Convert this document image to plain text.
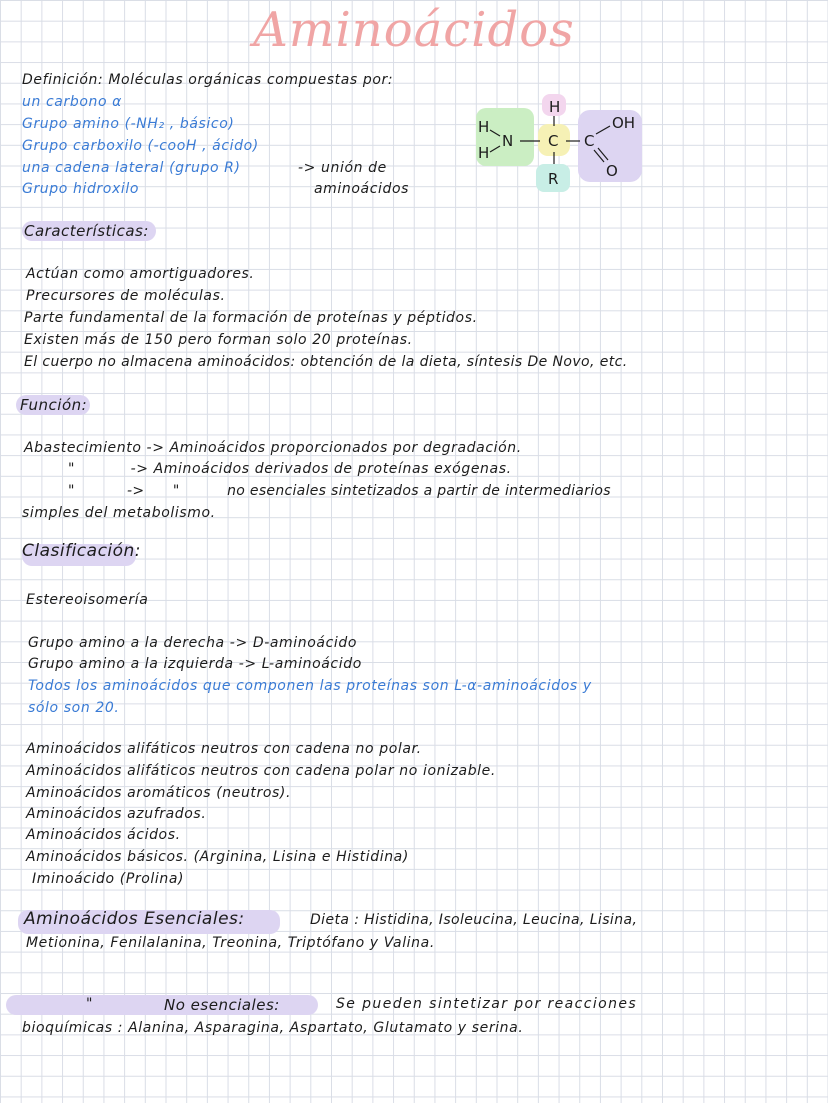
Aminoácidos
Definición: Moléculas orgánicas compuestas por:
un carbono α
Grupo amino (-NH₂ , básico)
Grupo carboxilo (-cooH , ácido)
una cadena lateral (grupo R)
Grupo hidroxilo
-> unión de
aminoácidos
H
H
H
N C
R
C
OH
O
Características:
Actúan como amortiguadores.
Precursores de moléculas.
Parte fundamental de la formación de proteínas y péptidos.
Existen más de 150 pero forman solo 20 proteínas.
El cuerpo no almacena aminoácidos: obtención de la dieta, síntesis De Novo, etc.
Función:
Abastecimiento -> Aminoácidos proporcionados por degradación.
"           -> Aminoácidos derivados de proteínas exógenas.
"           ->      "          no esenciales sintetizados a partir de intermediarios
simples del metabolismo.
Clasificación:
Estereoisomería
Grupo amino a la derecha -> D-aminoácido
Grupo amino a la izquierda -> L-aminoácido
Todos los aminoácidos que componen las proteínas son L-α-aminoácidos y
sólo son 20.
Aminoácidos alifáticos neutros con cadena no polar.
Aminoácidos alifáticos neutros con cadena polar no ionizable.
Aminoácidos aromáticos (neutros).
Aminoácidos azufrados.
Aminoácidos ácidos.
Aminoácidos básicos. (Arginina, Lisina e Histidina)
Iminoácido (Prolina)
Aminoácidos Esenciales:	Dieta : Histidina, Isoleucina, Leucina, Lisina,
Metionina, Fenilalanina, Treonina, Triptófano y Valina.
"	No esenciales:	Se pueden sintetizar por reacciones
bioquímicas : Alanina, Asparagina, Aspartato, Glutamato y serina.
